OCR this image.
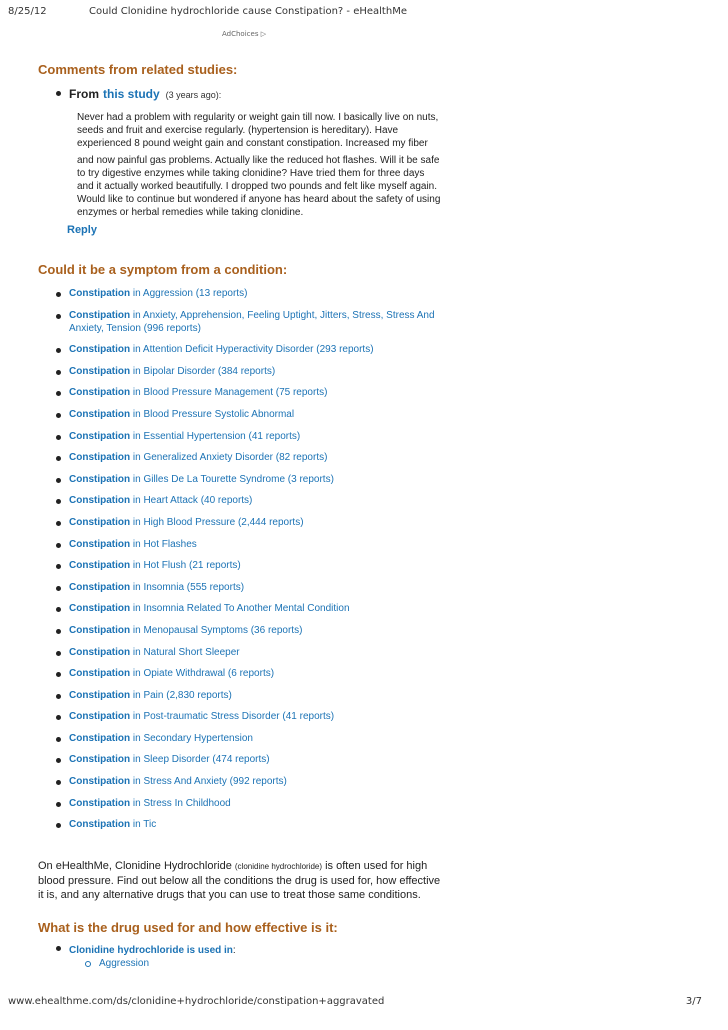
8/25/12	Could Clonidine hydrochloride cause Constipation? - eHealthMe
AdChoices ▷
Comments from related studies:
From this study (3 years ago):

Never had a problem with regularity or weight gain till now. I basically live on nuts, seeds and fruit and exercise regularly. (hypertension is hereditary). Have experienced 8 pound weight gain and constant constipation. Increased my fiber

and now painful gas problems. Actually like the reduced hot flashes. Will it be safe to try digestive enzymes while taking clonidine? Have tried them for three days and it actually worked beautifully. I dropped two pounds and felt like myself again. Would like to continue but wondered if anyone has heard about the safety of using enzymes or herbal remedies while taking clonidine.

Reply
Could it be a symptom from a condition:
Constipation in Aggression (13 reports)
Constipation in Anxiety, Apprehension, Feeling Uptight, Jitters, Stress, Stress And Anxiety, Tension (996 reports)
Constipation in Attention Deficit Hyperactivity Disorder (293 reports)
Constipation in Bipolar Disorder (384 reports)
Constipation in Blood Pressure Management (75 reports)
Constipation in Blood Pressure Systolic Abnormal
Constipation in Essential Hypertension (41 reports)
Constipation in Generalized Anxiety Disorder (82 reports)
Constipation in Gilles De La Tourette Syndrome (3 reports)
Constipation in Heart Attack (40 reports)
Constipation in High Blood Pressure (2,444 reports)
Constipation in Hot Flashes
Constipation in Hot Flush (21 reports)
Constipation in Insomnia (555 reports)
Constipation in Insomnia Related To Another Mental Condition
Constipation in Menopausal Symptoms (36 reports)
Constipation in Natural Short Sleeper
Constipation in Opiate Withdrawal (6 reports)
Constipation in Pain (2,830 reports)
Constipation in Post-traumatic Stress Disorder (41 reports)
Constipation in Secondary Hypertension
Constipation in Sleep Disorder (474 reports)
Constipation in Stress And Anxiety (992 reports)
Constipation in Stress In Childhood
Constipation in Tic
On eHealthMe, Clonidine Hydrochloride (clonidine hydrochloride) is often used for high blood pressure. Find out below all the conditions the drug is used for, how effective it is, and any alternative drugs that you can use to treat those same conditions.
What is the drug used for and how effective is it:
Clonidine hydrochloride is used in :
Aggression
www.ehealthme.com/ds/clonidine+hydrochloride/constipation+aggravated	3/7
